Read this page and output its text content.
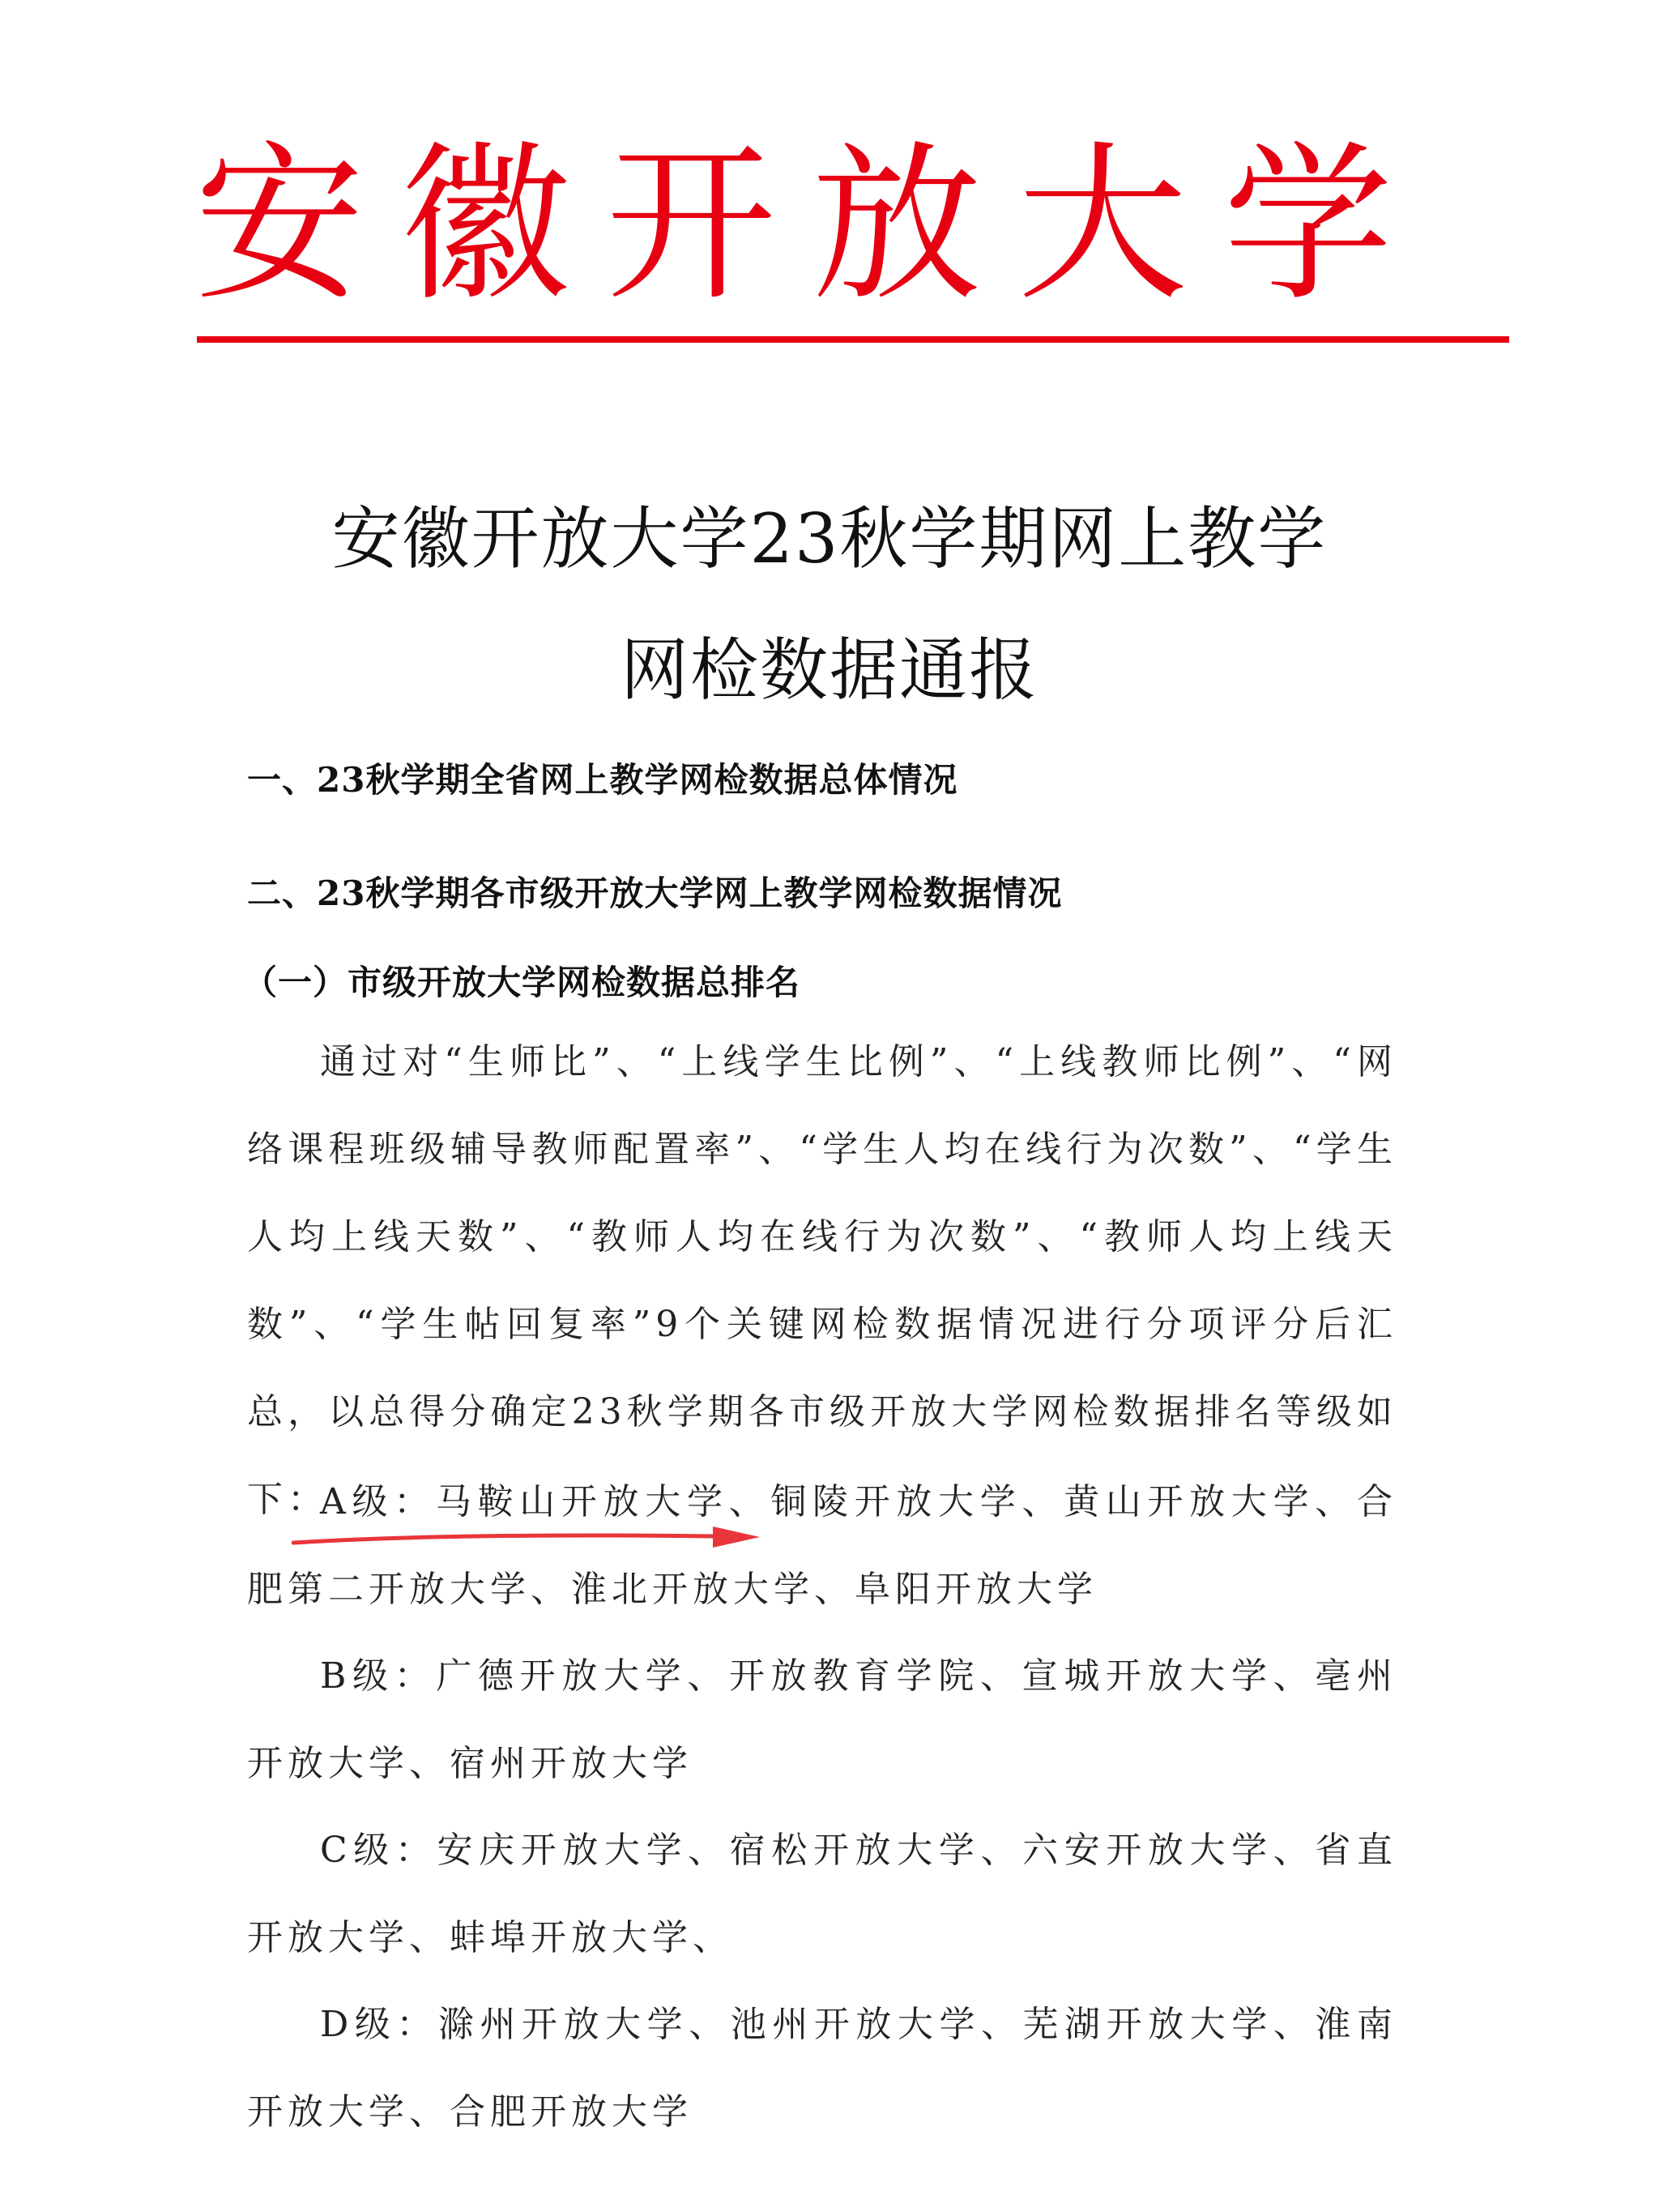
安 徽 开 放 大 学
安徽开放大学23秋学期网上教学
网检数据通报
一、23秋学期全省网上教学网检数据总体情况
二、23秋学期各市级开放大学网上教学网检数据情况
（一）市级开放大学网检数据总排名
通过对“生师比”、“上线学生比例”、“上线教师比例”、“网络课程班级辅导教师配置率”、“学生人均在线行为次数”、“学生人均上线天数”、“教师人均在线行为次数”、“教师人均上线天数”、“学生帖回复率”9个关键网检数据情况进行分项评分后汇总，以总得分确定23秋学期各市级开放大学网检数据排名等级如下：
A级：马鞍山开放大学、铜陵开放大学、黄山开放大学、合肥第二开放大学、淮北开放大学、阜阳开放大学
B级：广德开放大学、开放教育学院、宣城开放大学、亳州开放大学、宿州开放大学
C级：安庆开放大学、宿松开放大学、六安开放大学、省直开放大学、蚌埠开放大学、
D级：滁州开放大学、池州开放大学、芜湖开放大学、淮南开放大学、合肥开放大学
